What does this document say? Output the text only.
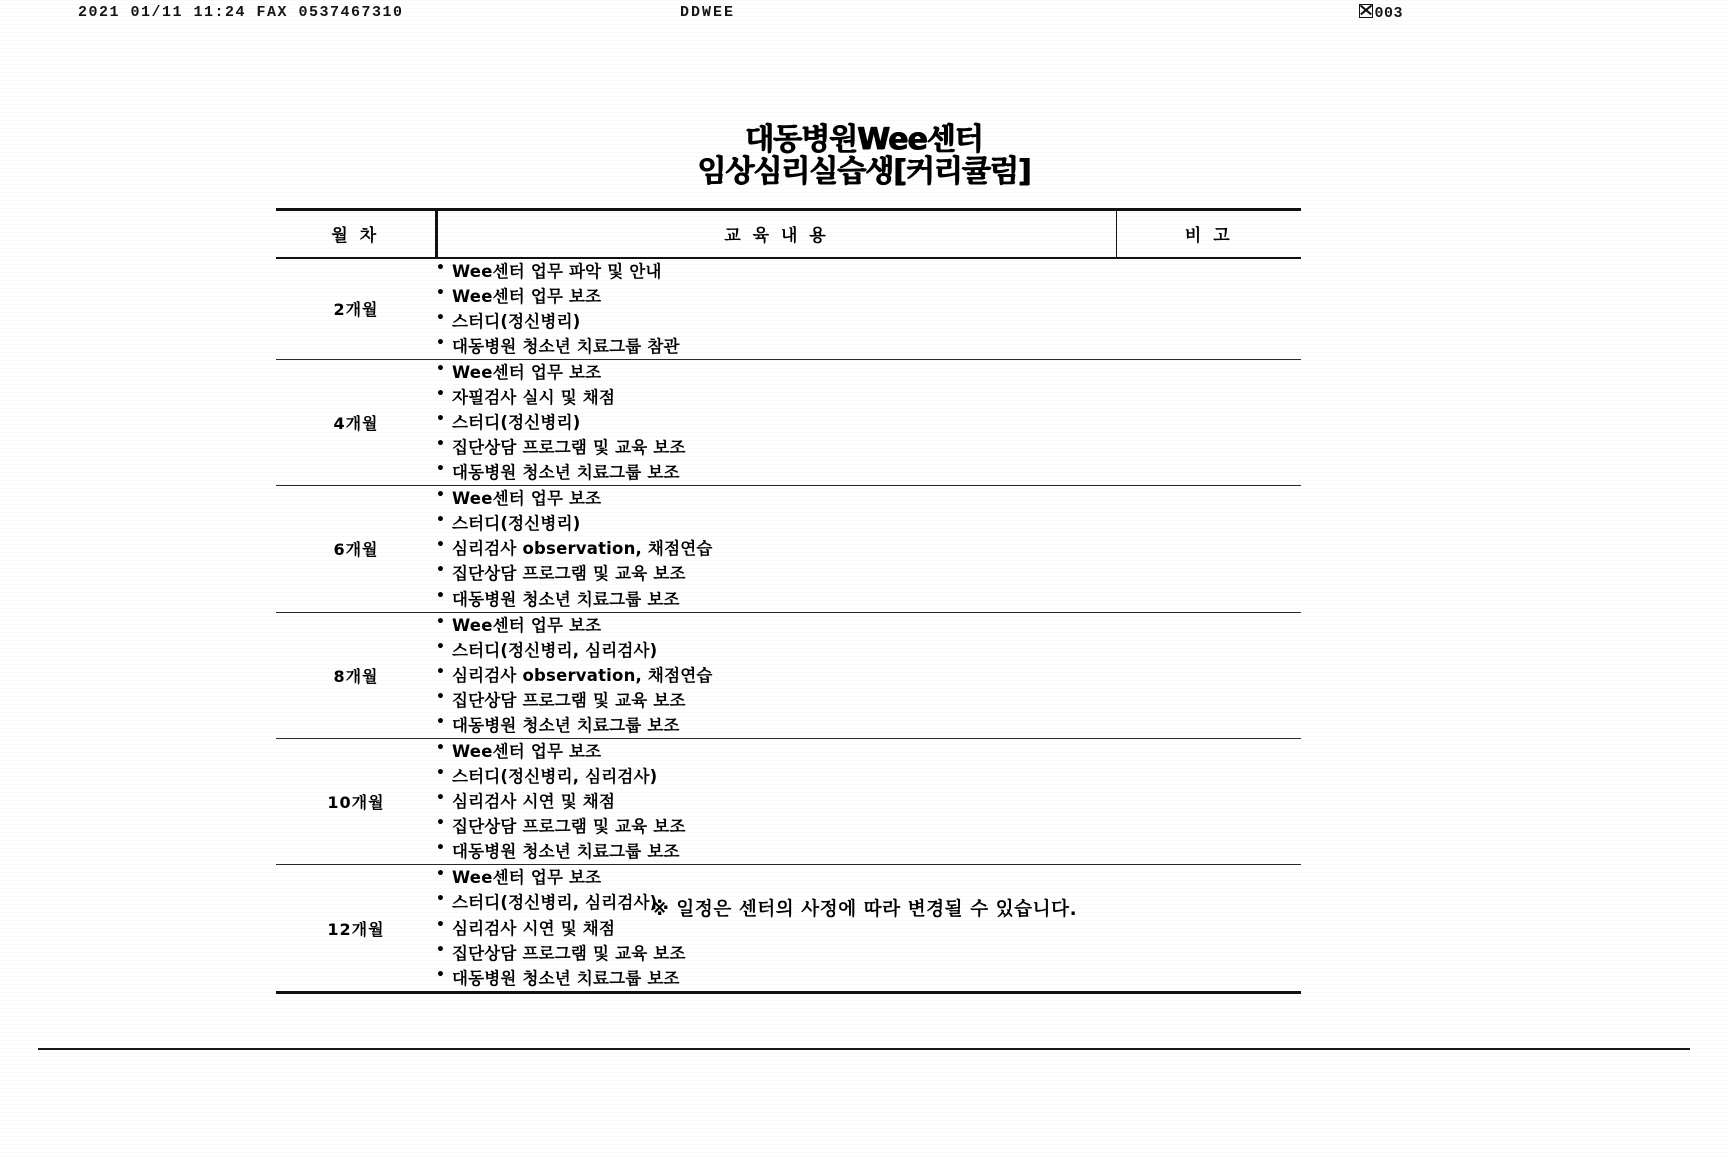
2021 01/11 11:24 FAX 0537467310	DDWEE	003
대동병원Wee센터
임상심리실습생[커리큘럼]
월 차	교 육 내 용	비 고
2개월	
• Wee센터 업무 파악 및 안내
• Wee센터 업무 보조
• 스터디(정신병리)
• 대동병원 청소년 치료그룹 참관

4개월	
• Wee센터 업무 보조
• 자필검사 실시 및 채점
• 스터디(정신병리)
• 집단상담 프로그램 및 교육 보조
• 대동병원 청소년 치료그룹 보조

6개월	
• Wee센터 업무 보조
• 스터디(정신병리)
• 심리검사 observation, 채점연습
• 집단상담 프로그램 및 교육 보조
• 대동병원 청소년 치료그룹 보조

8개월	
• Wee센터 업무 보조
• 스터디(정신병리, 심리검사)
• 심리검사 observation, 채점연습
• 집단상담 프로그램 및 교육 보조
• 대동병원 청소년 치료그룹 보조

10개월	
• Wee센터 업무 보조
• 스터디(정신병리, 심리검사)
• 심리검사 시연 및 채점
• 집단상담 프로그램 및 교육 보조
• 대동병원 청소년 치료그룹 보조

12개월	
• Wee센터 업무 보조
• 스터디(정신병리, 심리검사)
• 심리검사 시연 및 채점
• 집단상담 프로그램 및 교육 보조
• 대동병원 청소년 치료그룹 보조

※ 일정은 센터의 사정에 따라 변경될 수 있습니다.
